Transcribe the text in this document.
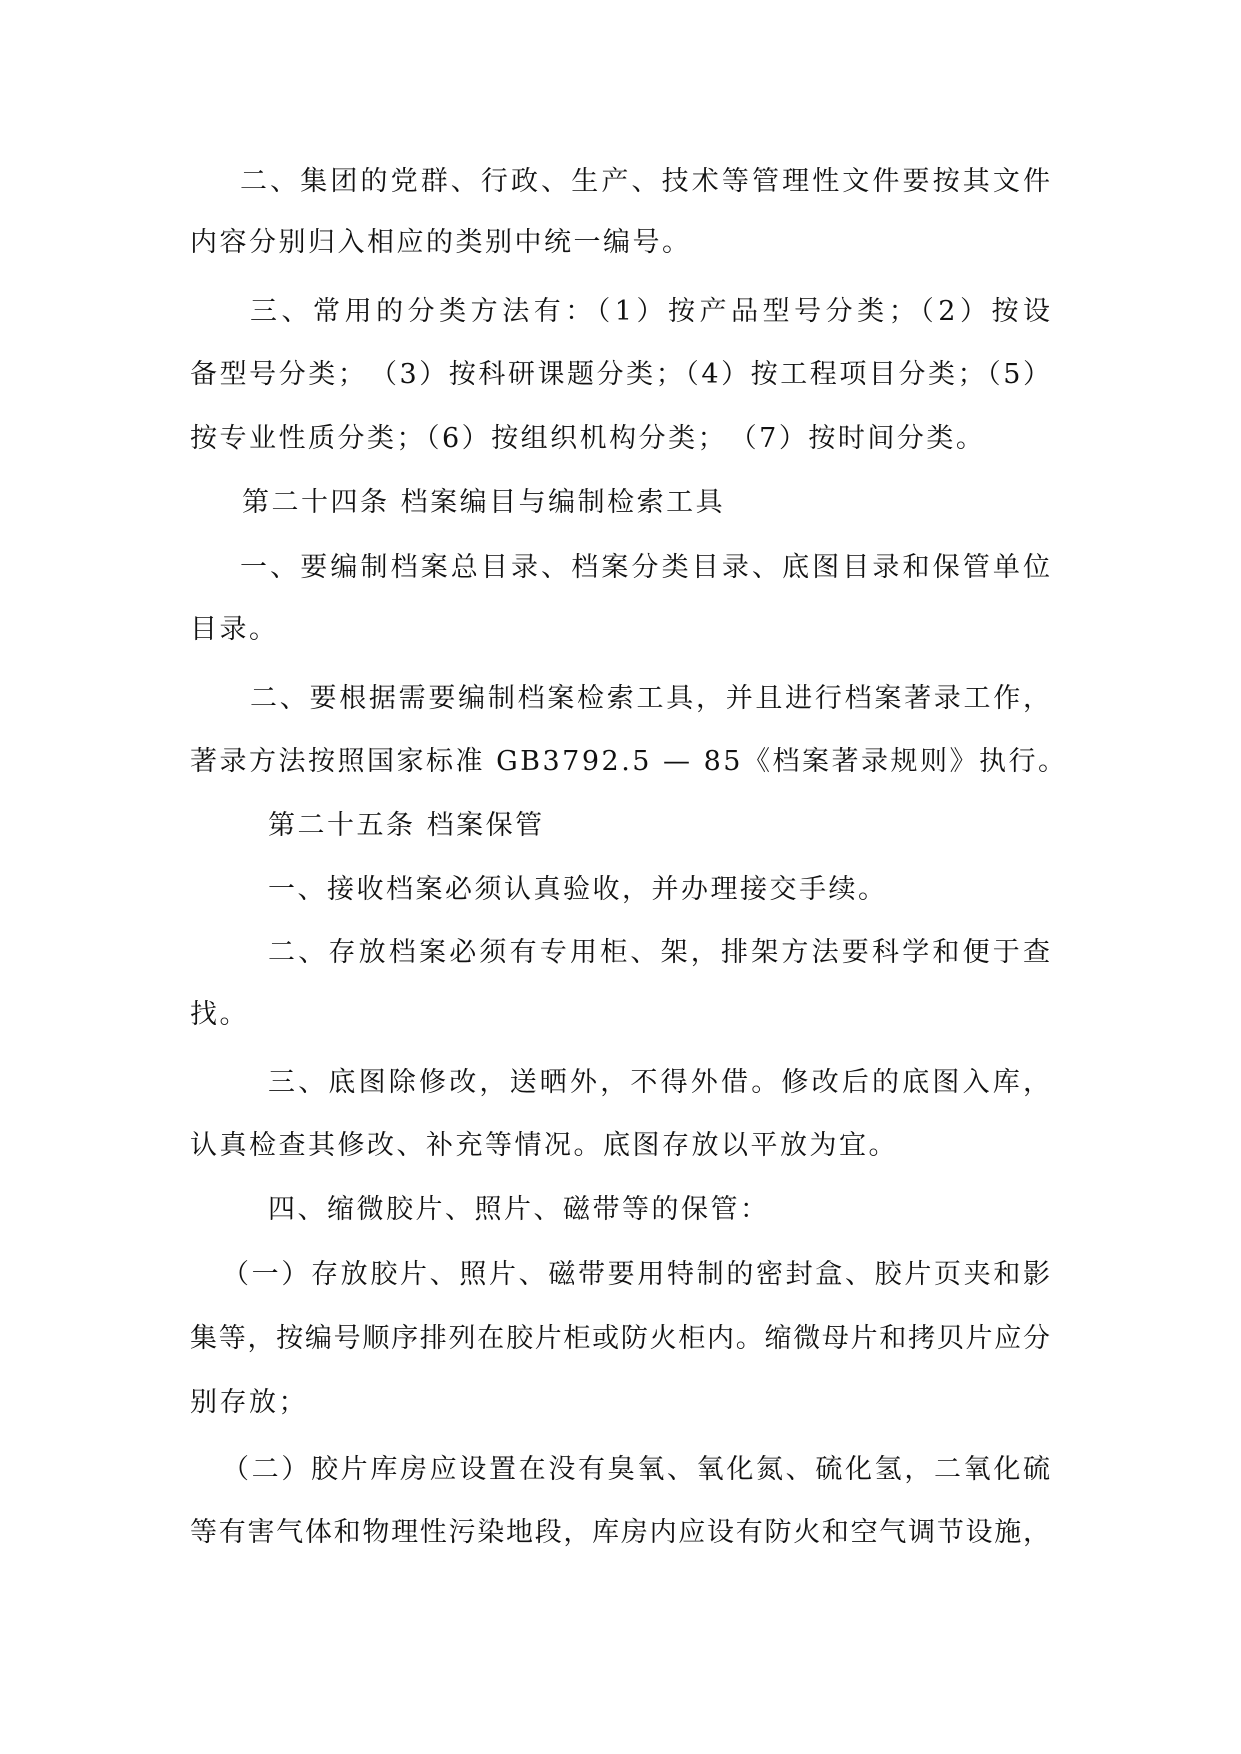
二、集团的党群、行政、生产、技术等管理性文件要按其文件
内容分别归入相应的类别中统一编号。
三、常用的分类方法有：（1）按产品型号分类；（2）按设
备型号分类；　（3）按科研课题分类；（4）按工程项目分类；（5）
按专业性质分类；（6）按组织机构分类；　（7）按时间分类。
第二十四条 档案编目与编制检索工具
一、要编制档案总目录、档案分类目录、底图目录和保管单位
目录。
二、要根据需要编制档案检索工具，并且进行档案著录工作，
著录方法按照国家标准 GB3792.5 — 85《档案著录规则》执行。
第二十五条 档案保管
一、接收档案必须认真验收，并办理接交手续。
二、存放档案必须有专用柜、架，排架方法要科学和便于查
找。
三、底图除修改，送晒外，不得外借。修改后的底图入库，
认真检查其修改、补充等情况。底图存放以平放为宜。
四、缩微胶片、照片、磁带等的保管：
（一）存放胶片、照片、磁带要用特制的密封盒、胶片页夹和影
集等，按编号顺序排列在胶片柜或防火柜内。缩微母片和拷贝片应分
别存放；
（二）胶片库房应设置在没有臭氧、氧化氮、硫化氢，二氧化硫
等有害气体和物理性污染地段，库房内应设有防火和空气调节设施，
